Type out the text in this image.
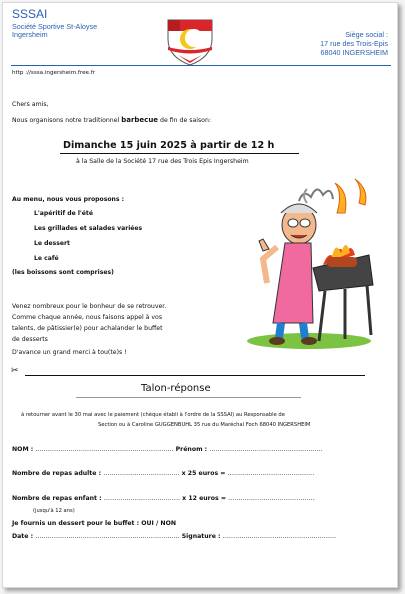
SSSAI
Société Sportive St-Aloyse
Ingersheim	Siège social :
17 rue des Trois-Epis
68040 INGERSHEIM
http ://sssa.ingersheim.free.fr
Chers amis,
Nous organisons notre traditionnel barbecue de fin de saison:
Dimanche 15 juin 2025 à partir de 12 h
à la Salle de la Société 17 rue des Trois Epis Ingersheim
Au menu, nous vous proposons :
L'apéritif de l'été
Les grillades et salades variées
Le dessert
Le café
(les boissons sont comprises)
Venez nombreux pour le bonheur de se retrouver.
Comme chaque année, nous faisons appel à vos
talents, de pâtissier(e) pour achalander le buffet
de desserts
D'avance un grand merci à tou(te)s !
✂
Talon-réponse
à retourner avant le 30 mai avec le paiement (chèque établi à l'ordre de la SSSAI) au Responsable de
Section ou à Caroline GUGGENBUHL 35 rue du Maréchal Foch 68040 INGERSHEIM
NOM : …………………………………………………………. Prénom : ……………………………………………….
Nombre de repas adulte : ………………………………. x 25 euros = ……………………………………
Nombre de repas enfant : ………………………………. x 12 euros = ……………………………………
(jusqu'à 12 ans)
Je fournis un dessert pour le buffet : OUI / NON
Date : ……………………………………………………………. Signature : ……………………………………………….
